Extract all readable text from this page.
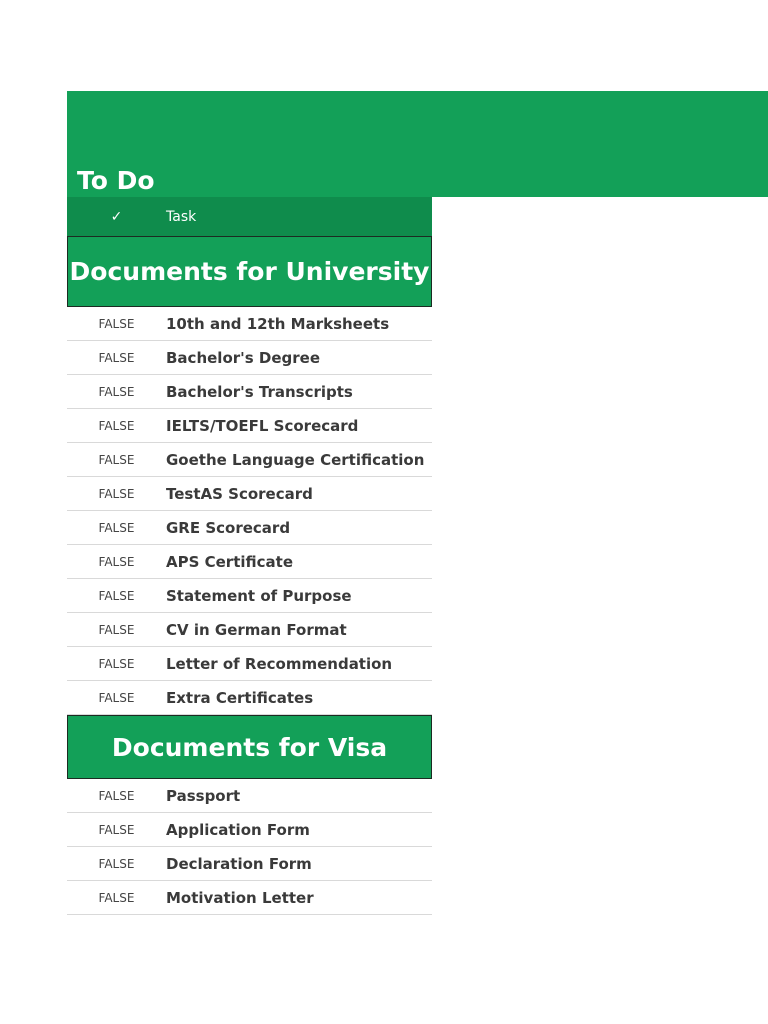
To Do
✓	Task
Documents for University
FALSE	10th and 12th Marksheets
FALSE	Bachelor's Degree
FALSE	Bachelor's Transcripts
FALSE	IELTS/TOEFL Scorecard
FALSE	Goethe Language Certification
FALSE	TestAS Scorecard
FALSE	GRE Scorecard
FALSE	APS Certificate
FALSE	Statement of Purpose
FALSE	CV in German Format
FALSE	Letter of Recommendation
FALSE	Extra Certificates
Documents for Visa
FALSE	Passport
FALSE	Application Form
FALSE	Declaration Form
FALSE	Motivation Letter
